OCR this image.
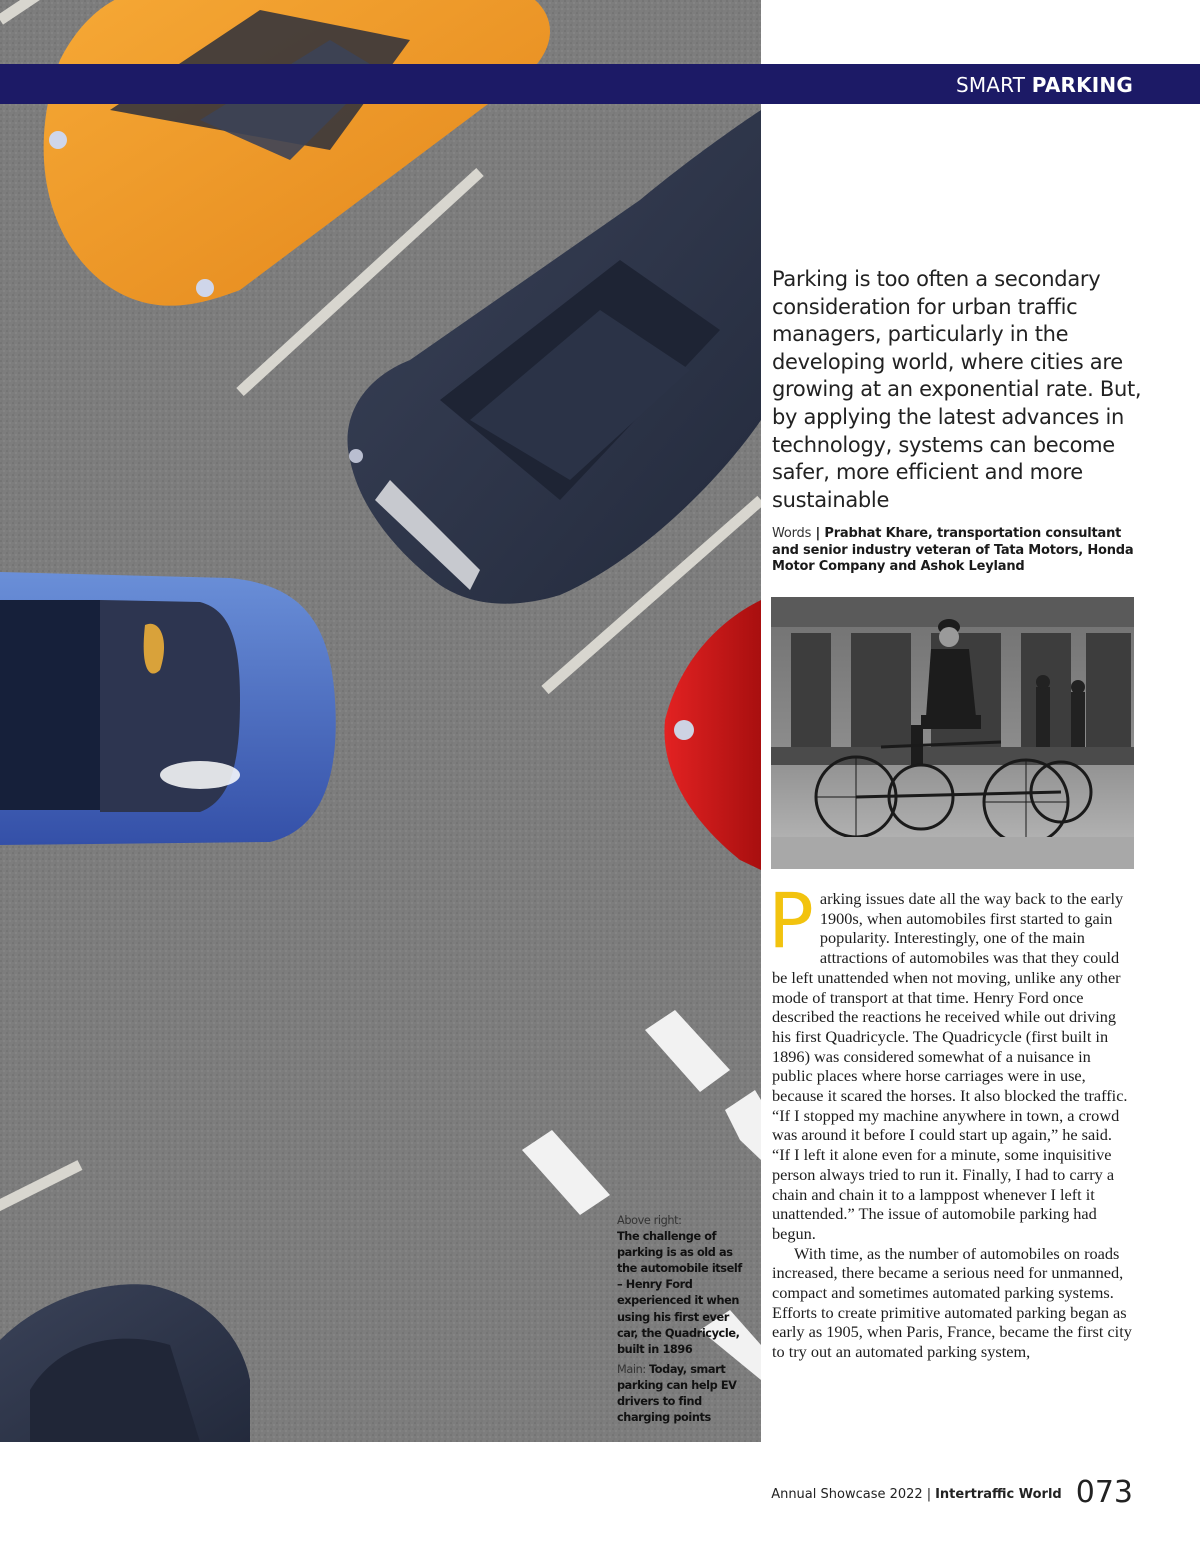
SMART PARKING
Parking is too often a secondary consideration for urban traffic managers, particularly in the developing world, where cities are growing at an exponential rate. But, by applying the latest advances in technology, systems can become safer, more efficient and more sustainable
Words | Prabhat Khare, transportation consultant and senior industry veteran of Tata Motors, Honda Motor Company and Ashok Leyland

Parking issues date all the way back to the early 1900s, when automobiles first started to gain popularity. Interestingly, one of the main attractions of automobiles was that they could be left unattended when not moving, unlike any other mode of transport at that time. Henry Ford once described the reactions he received while out driving his first Quadricycle. The Quadricycle (first built in 1896) was considered somewhat of a nuisance in public places where horse carriages were in use, because it scared the horses. It also blocked the traffic. “If I stopped my machine anywhere in town, a crowd was around it before I could start up again,” he said. “If I left it alone even for a minute, some inquisitive person always tried to run it. Finally, I had to carry a chain and chain it to a lamppost whenever I left it unattended.” The issue of automobile parking had begun.

With time, as the number of automobiles on roads increased, there became a serious need for unmanned, compact and sometimes automated parking systems. Efforts to create primitive automated parking began as early as 1905, when Paris, France, became the first city to try out an automated parking system,

Above right:
The challenge of parking is as old as the automobile itself – Henry Ford experienced it when using his first ever car, the Quadricycle, built in 1896
Main: Today, smart parking can help EV drivers to find charging points
Annual Showcase 2022 | Intertraffic World 073
